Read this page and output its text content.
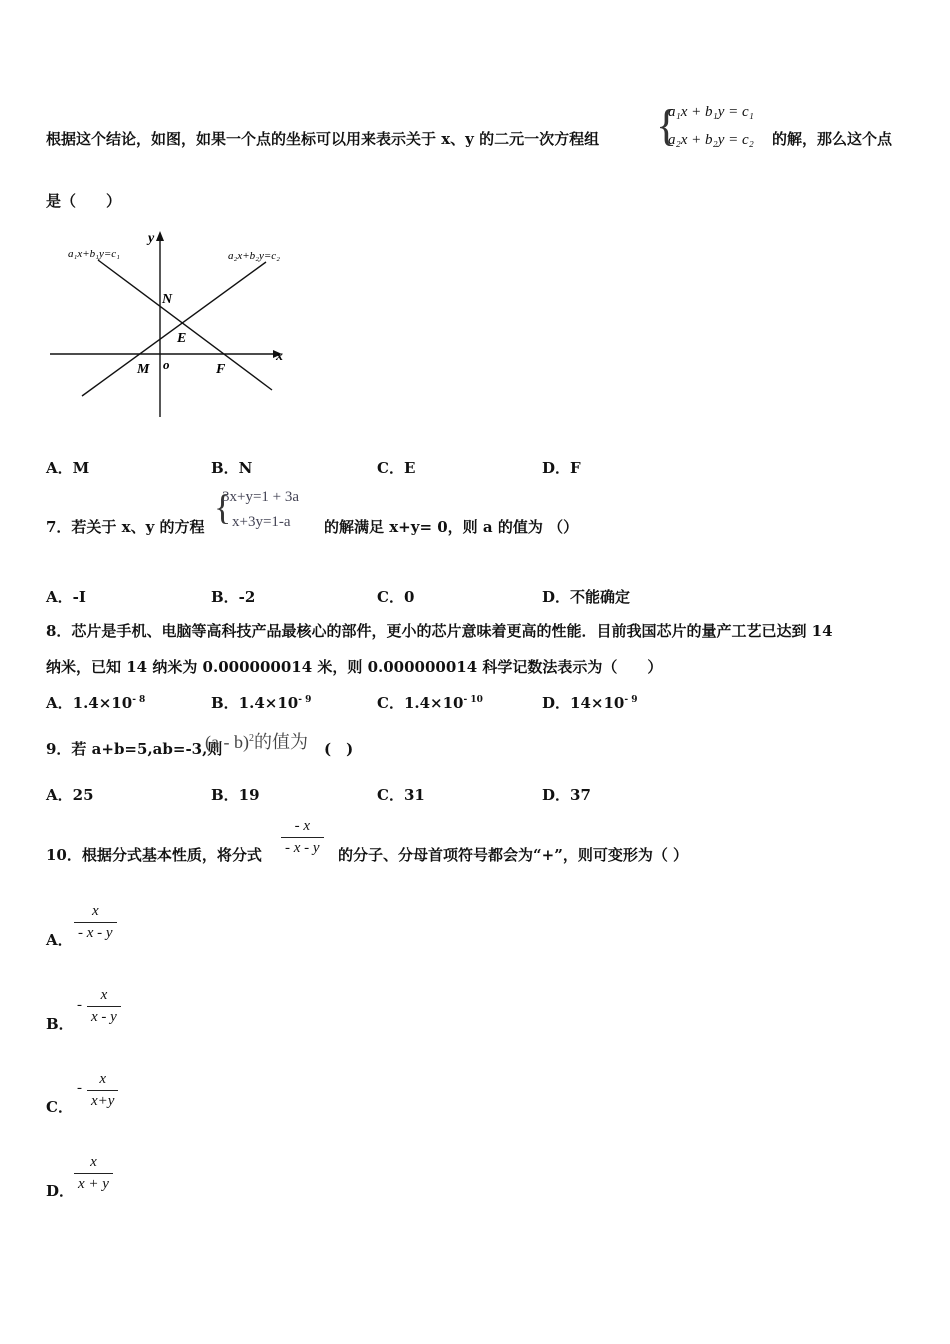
根据这个结论，如图，如果一个点的坐标可以用来表示关于 x、y 的二元一次方程组 {
a₁x + b₁y = c₁
a₂x + b₂y = c₂ 的解，那么这个点
是（　　）
a₁x+b₁y=c₁	a₂x+b₂y=c₂
y
x
o
N
E
M	F
A．M	B．N	C．E	D．F
7．若关于 x、y 的方程 {
3x+y=1 + 3a
x+3y=1-a 的解满足 x+y= 0，则 a 的值为 （）
A．-I	B．-2	C．0	D．不能确定
8．芯片是手机、电脑等高科技产品最核心的部件，更小的芯片意味着更高的性能．目前我国芯片的量产工艺已达到 14
纳米，已知 14 纳米为 0.000000014 米，则 0.000000014 科学记数法表示为（　　）
A．$1.4\times 10^{- 8}$	B．$1.4\times 10^{- 9}$	C．$1.4\times 10^{- 10}$	D．$14\times 10^{- 9}$
9．若 a+b=5,ab=-3,则
(a - b)$^2$的值为 (　)
A．25	B．19	C．31	D．37
10．根据分式基本性质，将分式
- x
- x - y 的分子、分母首项符号都会为“+”，则可变形为（ ）
A．
x
- x - y
B．
-
x
x - y
C．
-
x
x+y
D．
x
x + y
